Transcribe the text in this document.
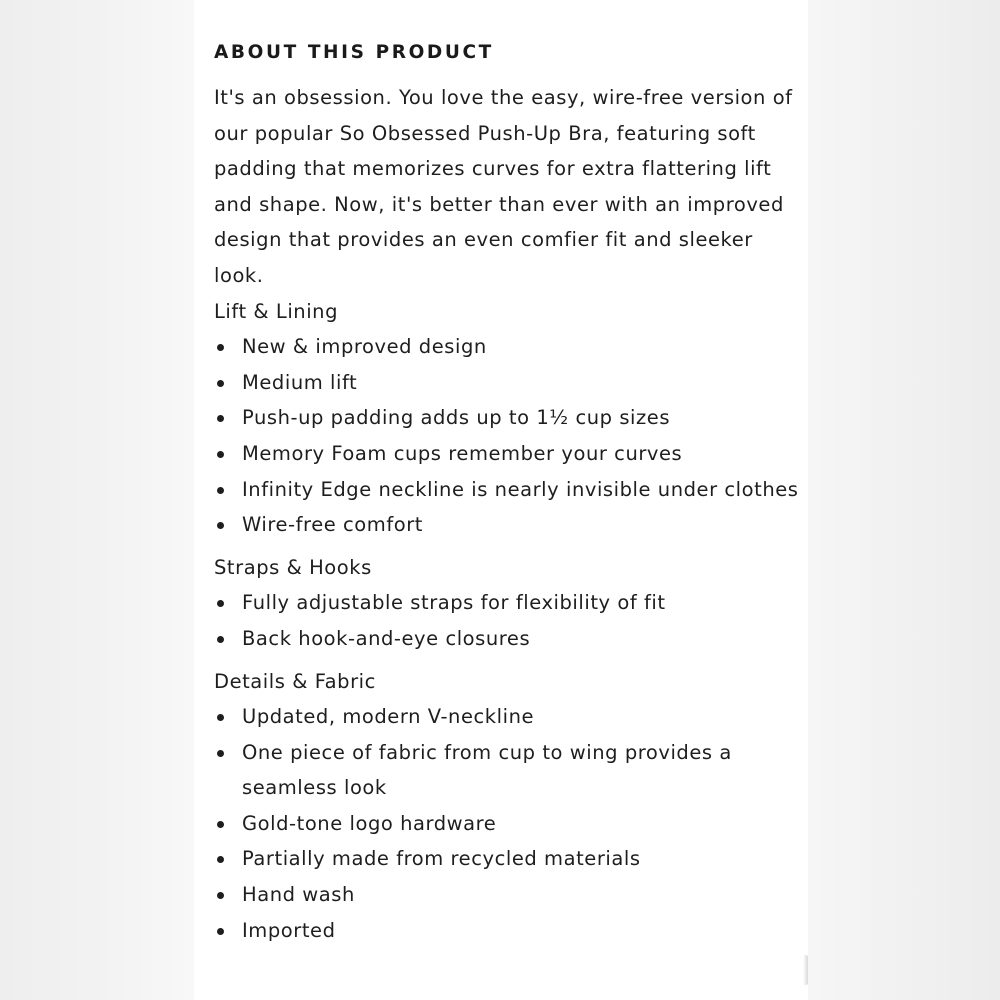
ABOUT THIS PRODUCT

It's an obsession. You love the easy, wire-free version of our popular So Obsessed Push-Up Bra, featuring soft padding that memorizes curves for extra flattering lift and shape. Now, it's better than ever with an improved design that provides an even comfier fit and sleeker look.

Lift & Lining
New & improved design
Medium lift
Push-up padding adds up to 1½ cup sizes
Memory Foam cups remember your curves
Infinity Edge neckline is nearly invisible under clothes
Wire-free comfort
Straps & Hooks
Fully adjustable straps for flexibility of fit
Back hook-and-eye closures
Details & Fabric
Updated, modern V-neckline
One piece of fabric from cup to wing provides a seamless look
Gold-tone logo hardware
Partially made from recycled materials
Hand wash
Imported
